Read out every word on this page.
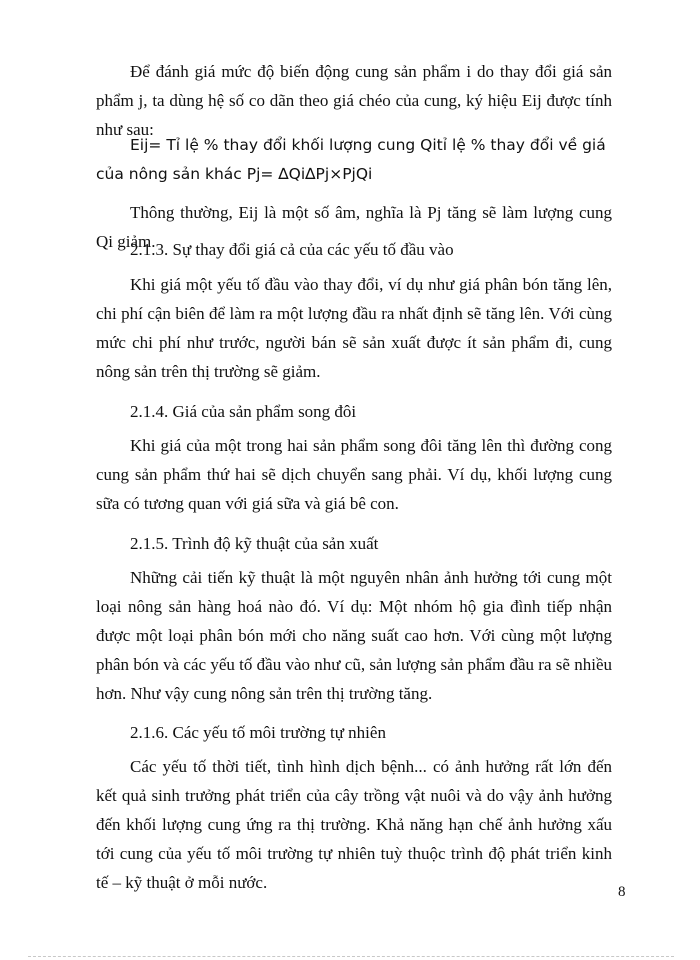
Để đánh giá mức độ biến động cung sản phẩm i do thay đổi giá sản phẩm j, ta dùng hệ số co dãn theo giá chéo của cung, ký hiệu Eij được tính như sau:

Eij= Tỉ lệ % thay đổi khối lượng cung Qitỉ lệ % thay đổi về giá của nông sản khác Pj= ∆Qi∆Pj×PjQi

Thông thường, Eij là một số âm, nghĩa là Pj tăng sẽ làm lượng cung Qi giảm.

2.1.3. Sự thay đổi giá cả của các yếu tố đầu vào

Khi giá một yếu tố đầu vào thay đổi, ví dụ như giá phân bón tăng lên, chi phí cận biên để làm ra một lượng đầu ra nhất định sẽ tăng lên. Với cùng mức chi phí như trước, người bán sẽ sản xuất được ít sản phẩm đi, cung nông sản trên thị trường sẽ giảm.

2.1.4. Giá của sản phẩm song đôi

Khi giá của một trong hai sản phẩm song đôi tăng lên thì đường cong cung sản phẩm thứ hai sẽ dịch chuyển sang phải. Ví dụ, khối lượng cung sữa có tương quan với giá sữa và giá bê con.

2.1.5. Trình độ kỹ thuật của sản xuất

Những cải tiến kỹ thuật là một nguyên nhân ảnh hưởng tới cung một loại nông sản hàng hoá nào đó. Ví dụ: Một nhóm hộ gia đình tiếp nhận được một loại phân bón mới cho năng suất cao hơn. Với cùng một lượng phân bón và các yếu tố đầu vào như cũ, sản lượng sản phẩm đầu ra sẽ nhiều hơn. Như vậy cung nông sản trên thị trường tăng.

2.1.6. Các yếu tố môi trường tự nhiên

Các yếu tố thời tiết, tình hình dịch bệnh... có ảnh hưởng rất lớn đến kết quả sinh trưởng phát triển của cây trồng vật nuôi và do vậy ảnh hưởng đến khối lượng cung ứng ra thị trường. Khả năng hạn chế ảnh hưởng xấu tới cung của yếu tố môi trường tự nhiên tuỳ thuộc trình độ phát triển kinh tế – kỹ thuật ở mỗi nước.	8
